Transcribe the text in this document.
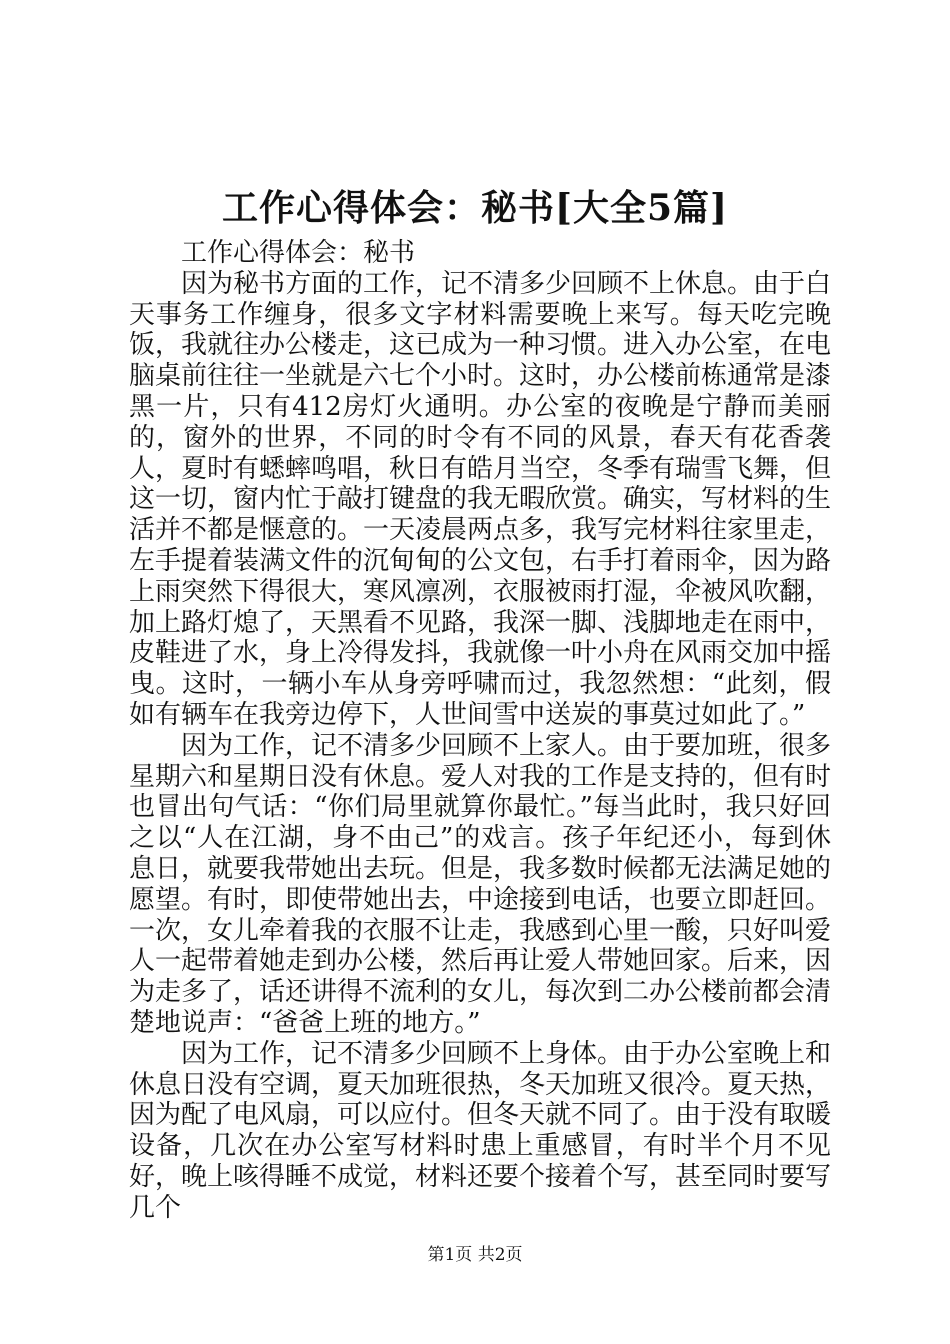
工作心得体会：秘书[大全5篇]

工作心得体会：秘书

因为秘书方面的工作，记不清多少回顾不上休息。由于白天事务工作缠身，很多文字材料需要晚上来写。每天吃完晚饭，我就往办公楼走，这已成为一种习惯。进入办公室，在电脑桌前往往一坐就是六七个小时。这时，办公楼前栋通常是漆黑一片，只有412房灯火通明。办公室的夜晚是宁静而美丽的，窗外的世界，不同的时令有不同的风景，春天有花香袭人，夏时有蟋蟀鸣唱，秋日有皓月当空，冬季有瑞雪飞舞，但这一切，窗内忙于敲打键盘的我无暇欣赏。确实，写材料的生活并不都是惬意的。一天凌晨两点多，我写完材料往家里走，左手提着装满文件的沉甸甸的公文包，右手打着雨伞，因为路上雨突然下得很大，寒风凛冽，衣服被雨打湿，伞被风吹翻，加上路灯熄了，天黑看不见路，我深一脚、浅脚地走在雨中，皮鞋进了水，身上冷得发抖，我就像一叶小舟在风雨交加中摇曳。这时，一辆小车从身旁呼啸而过，我忽然想：“此刻，假如有辆车在我旁边停下，人世间雪中送炭的事莫过如此了。”

因为工作，记不清多少回顾不上家人。由于要加班，很多星期六和星期日没有休息。爱人对我的工作是支持的，但有时也冒出句气话：“你们局里就算你最忙。”每当此时，我只好回之以“人在江湖，身不由己”的戏言。孩子年纪还小，每到休息日，就要我带她出去玩。但是，我多数时候都无法满足她的愿望。有时，即使带她出去，中途接到电话，也要立即赶回。一次，女儿牵着我的衣服不让走，我感到心里一酸，只好叫爱人一起带着她走到办公楼，然后再让爱人带她回家。后来，因为走多了，话还讲得不流利的女儿，每次到二办公楼前都会清楚地说声：“爸爸上班的地方。”

因为工作，记不清多少回顾不上身体。由于办公室晚上和休息日没有空调，夏天加班很热，冬天加班又很冷。夏天热，因为配了电风扇，可以应付。但冬天就不同了。由于没有取暖设备，几次在办公室写材料时患上重感冒，有时半个月不见好，晚上咳得睡不成觉，材料还要个接着个写，甚至同时要写几个

第1页 共2页
